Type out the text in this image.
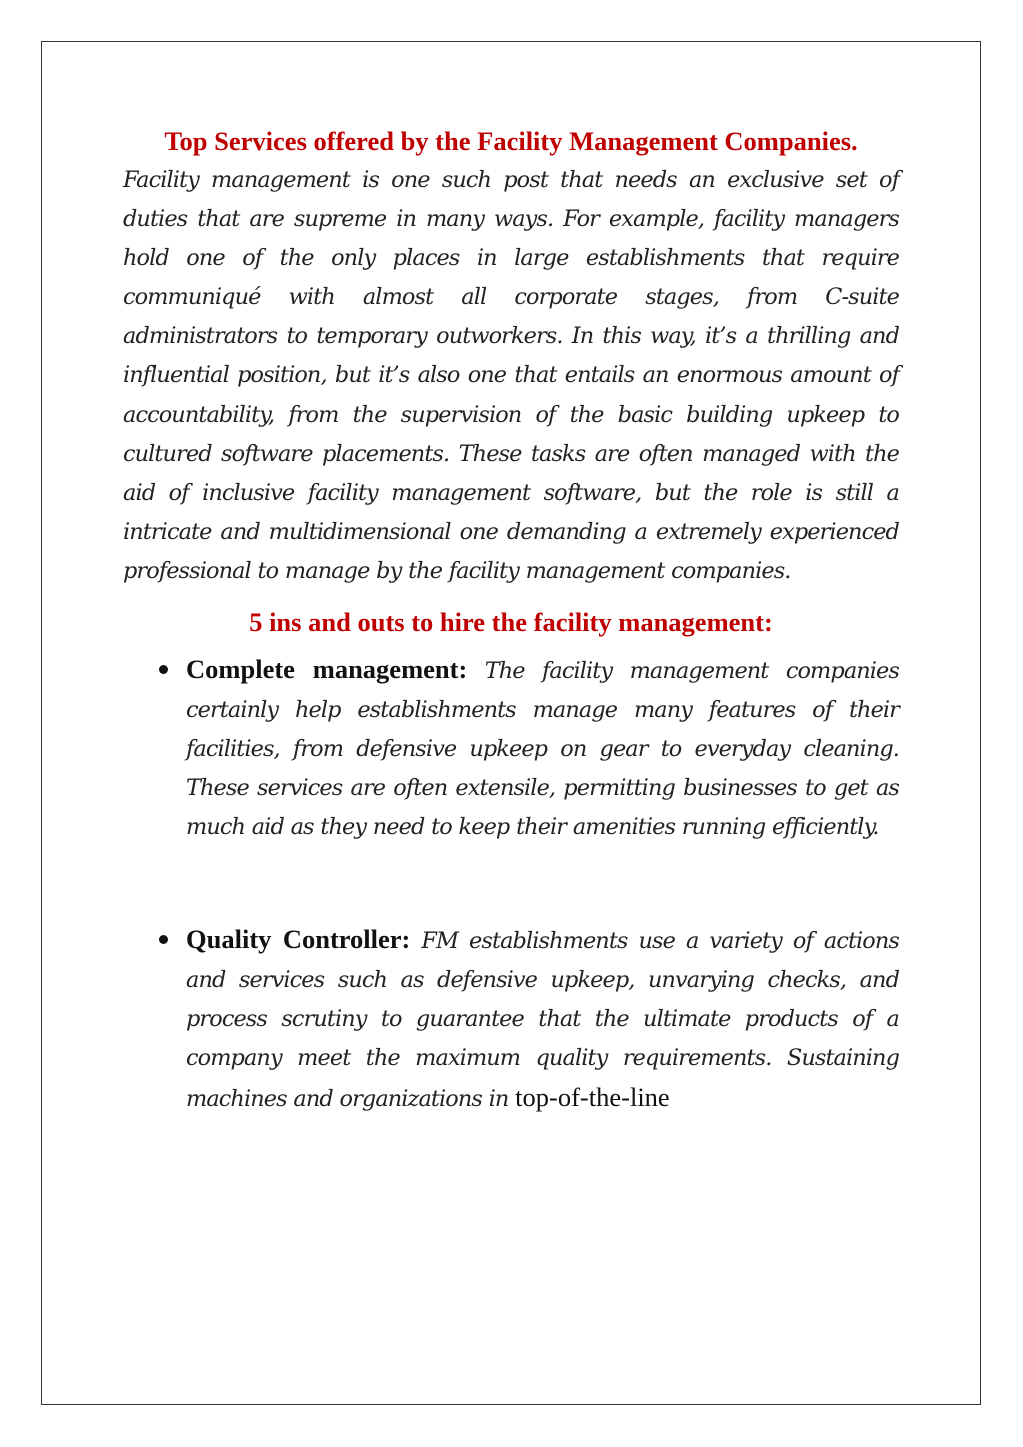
Top Services offered by the Facility Management Companies.

Facility management is one such post that needs an exclusive set of duties that are supreme in many ways. For example, facility managers hold one of the only places in large establishments that require communiqué with almost all corporate stages, from C-suite administrators to temporary outworkers. In this way, it’s a thrilling and influential position, but it’s also one that entails an enormous amount of accountability, from the supervision of the basic building upkeep to cultured software placements. These tasks are often managed with the aid of inclusive facility management software, but the role is still a intricate and multidimensional one demanding a extremely experienced professional to manage by the facility management companies.

5 ins and outs to hire the facility management:

Complete management: The facility management companies certainly help establishments manage many features of their facilities, from defensive upkeep on gear to everyday cleaning. These services are often extensile, permitting businesses to get as much aid as they need to keep their amenities running efficiently.

Quality Controller: FM establishments use a variety of actions and services such as defensive upkeep, unvarying checks, and process scrutiny to guarantee that the ultimate products of a company meet the maximum quality requirements. Sustaining machines and organizations in top-of-the-line
